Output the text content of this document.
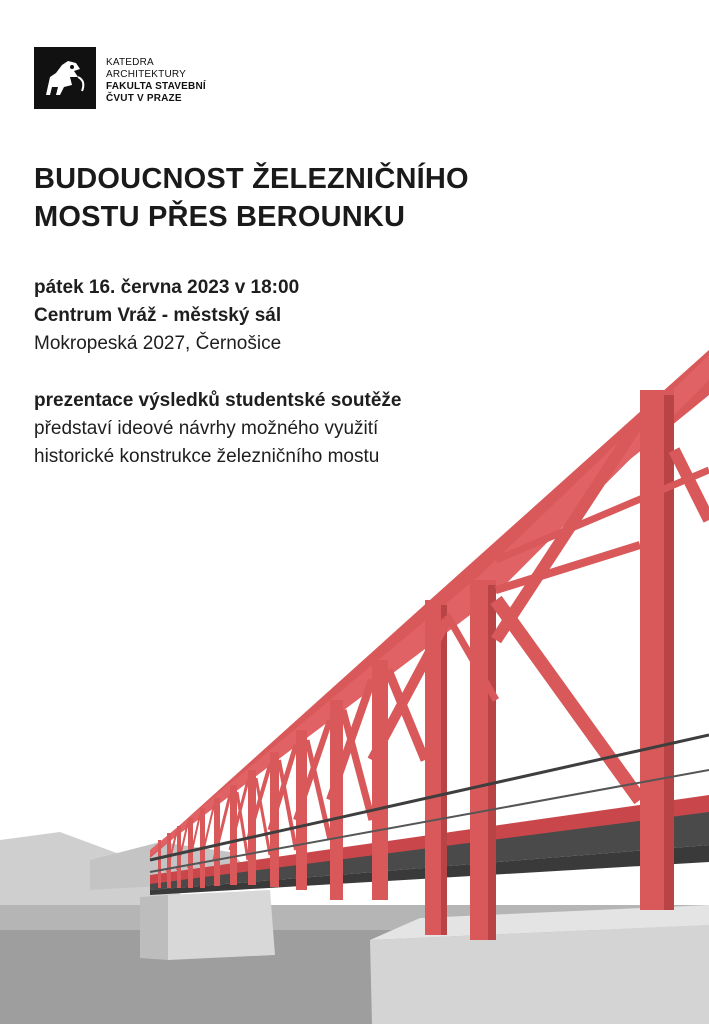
KATEDRA
ARCHITEKTURY
FAKULTA STAVEBNÍ
ČVUT V PRAZE
BUDOUCNOST ŽELEZNIČNÍHO
MOSTU PŘES BEROUNKU
pátek 16. června 2023 v 18:00
Centrum Vráž - městský sál
Mokropeská 2027, Černošice
prezentace výsledků studentské soutěže
představí ideové návrhy možného využití
historické konstrukce železničního mostu
